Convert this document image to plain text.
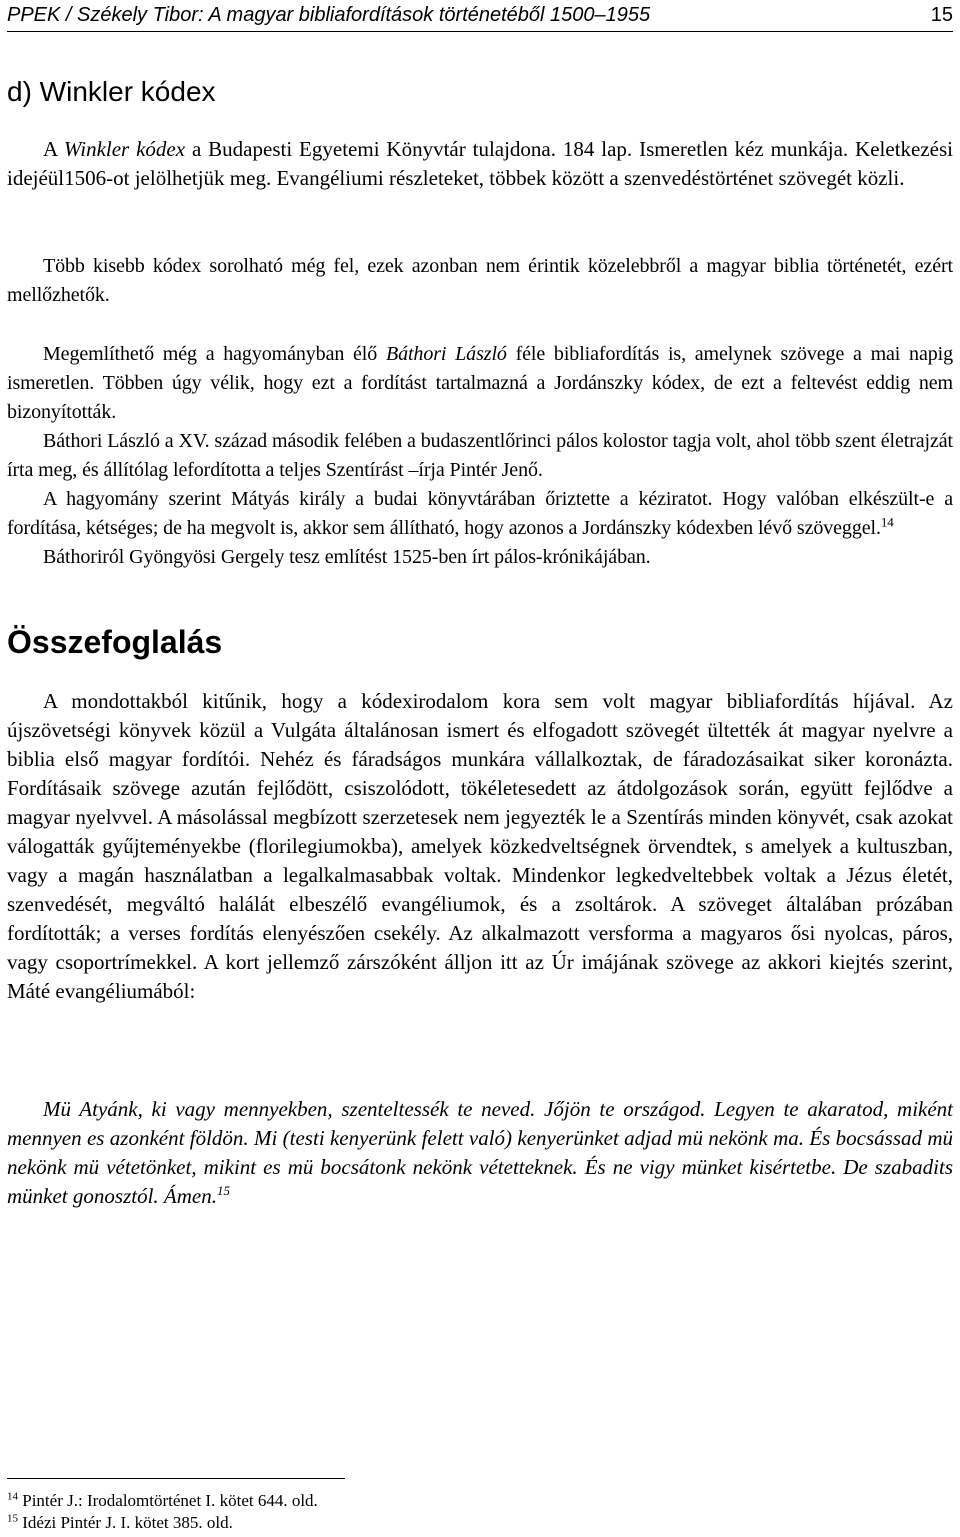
PPEK / Székely Tibor: A magyar bibliafordítások történetéből 1500–1955	15
d) Winkler kódex

A Winkler kódex a Budapesti Egyetemi Könyvtár tulajdona. 184 lap. Ismeretlen kéz munkája. Keletkezési idejéül1506-ot jelölhetjük meg. Evangéliumi részleteket, többek között a szenvedéstörténet szövegét közli.

Több kisebb kódex sorolható még fel, ezek azonban nem érintik közelebbről a magyar biblia történetét, ezért mellőzhetők.

Megemlíthető még a hagyományban élő Báthori László féle bibliafordítás is, amelynek szövege a mai napig ismeretlen. Többen úgy vélik, hogy ezt a fordítást tartalmazná a Jordánszky kódex, de ezt a feltevést eddig nem bizonyították.

Báthori László a XV. század második felében a budaszentlőrinci pálos kolostor tagja volt, ahol több szent életrajzát írta meg, és állítólag lefordította a teljes Szentírást –írja Pintér Jenő.

A hagyomány szerint Mátyás király a budai könyvtárában őriztette a kéziratot. Hogy valóban elkészült-e a fordítása, kétséges; de ha megvolt is, akkor sem állítható, hogy azonos a Jordánszky kódexben lévő szöveggel.$^{14}$

Báthoriról Gyöngyösi Gergely tesz említést 1525-ben írt pálos-krónikájában.

Összefoglalás

A mondottakból kitűnik, hogy a kódexirodalom kora sem volt magyar bibliafordítás híjával. Az újszövetségi könyvek közül a Vulgáta általánosan ismert és elfogadott szövegét ültették át magyar nyelvre a biblia első magyar fordítói. Nehéz és fáradságos munkára vállalkoztak, de fáradozásaikat siker koronázta. Fordításaik szövege azután fejlődött, csiszolódott, tökéletesedett az átdolgozások során, együtt fejlődve a magyar nyelvvel. A másolással megbízott szerzetesek nem jegyezték le a Szentírás minden könyvét, csak azokat válogatták gyűjteményekbe (florilegiumokba), amelyek közkedveltségnek örvendtek, s amelyek a kultuszban, vagy a magán használatban a legalkalmasabbak voltak. Mindenkor legkedveltebbek voltak a Jézus életét, szenvedését, megváltó halálát elbeszélő evangéliumok, és a zsoltárok. A szöveget általában prózában fordították; a verses fordítás elenyészően csekély. Az alkalmazott versforma a magyaros ősi nyolcas, páros, vagy csoportrímekkel. A kort jellemző zárszóként álljon itt az Úr imájának szövege az akkori kiejtés szerint, Máté evangéliumából:

Mü Atyánk, ki vagy mennyekben, szenteltessék te neved. Jőjön te országod. Legyen te akaratod, miként mennyen es azonként földön. Mi (testi kenyerünk felett való) kenyerünket adjad mü nekönk ma. És bocsássad mü nekönk mü vétetönket, mikint es mü bocsátonk nekönk vétetteknek. És ne vigy münket kisértetbe. De szabadits münket gonosztól. Ámen.$^{15}$

$^{14}$ Pintér J.: Irodalomtörténet I. kötet 644. old.
$^{15}$ Idézi Pintér J. I. kötet 385. old.
